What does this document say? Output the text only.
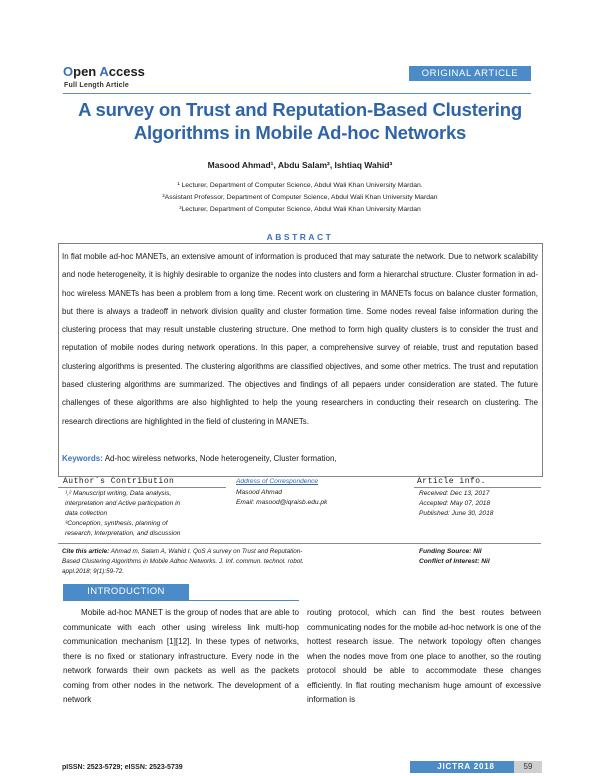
Open Access
Full Length Article
ORIGINAL ARTICLE
A survey on Trust and Reputation-Based Clustering
Algorithms in Mobile Ad-hoc Networks
Masood Ahmad¹, Abdu Salam², Ishtiaq Wahid³
¹ Lecturer, Department of Computer Science, Abdul Wali Khan University Mardan.
²Assistant Professor, Department of Computer Science, Abdul Wali Khan University Mardan
³Lecturer, Department of Computer Science, Abdul Wali Khan University Mardan
ABSTRACT
In flat mobile ad-hoc MANETs, an extensive amount of information is produced that may saturate the network. Due to network scalability and node heterogeneity, it is highly desirable to organize the nodes into clusters and form a hierarchal structure. Cluster formation in ad-hoc wireless MANETs has been a problem from a long time. Recent work on clustering in MANETs focus on balance cluster formation, but there is always a tradeoff in network division quality and cluster formation time. Some nodes reveal false information during the clustering process that may result unstable clustering structure. One method to form high quality clusters is to consider the trust and reputation of mobile nodes during network operations. In this paper, a comprehensive survey of reiable, trust and reputation based clustering algorithms is presented. The clustering algorithms are classified objectives, and some other metrics. The trust and reputation based clustering algorithms are summarized. The objectives and findings of all pepaers under consideration are stated. The future challenges of these algorithms are also highlighted to help the young researchers in conducting their research on clustering. The research directions are highlighted in the field of clustering in MANETs.
Keywords: Ad-hoc wireless networks, Node heterogeneity, Cluster formation,
Author`s Contribution
¹,² Manuscript writing, Data analysis,
interpretation and Active participation in
data collection
³Conception, synthesis, planning of
research, Interpretation, and discussion
Address of Correspondence
Masood Ahmad
Email: masood@iqraisb.edu.pk
Article info.
Received: Dec 13, 2017
Accepted: May 07, 2018
Published: June 30, 2018
Cite this article: Ahmad m, Salam A, Wahid I. QoS A survey on Trust and Reputation-
Based Clustering Algorithms in Mobile Adhoc Networks. J. Inf. commun. technol. robot.
appl.2018; 9(1):59-72.
Funding Source: Nil
Conflict of Interest: Nil
INTRODUCTION
Mobile ad-hoc MANET is the group of nodes that are able to communicate with each other using wireless link multi-hop communication mechanism [1][12]. In these types of networks, there is no fixed or stationary infrastructure. Every node in the network forwards their own packets as well as the packets coming from other nodes in the network. The development of a network
routing protocol, which can find the best routes between communicating nodes for the mobile ad-hoc network is one of the hottest research issue. The network topology often changes when the nodes move from one place to another, so the routing protocol should be able to accommodate these changes efficiently. In flat routing mechanism huge amount of excessive information is
pISSN: 2523-5729; eISSN: 2523-5739	JICTRA 2018	59
